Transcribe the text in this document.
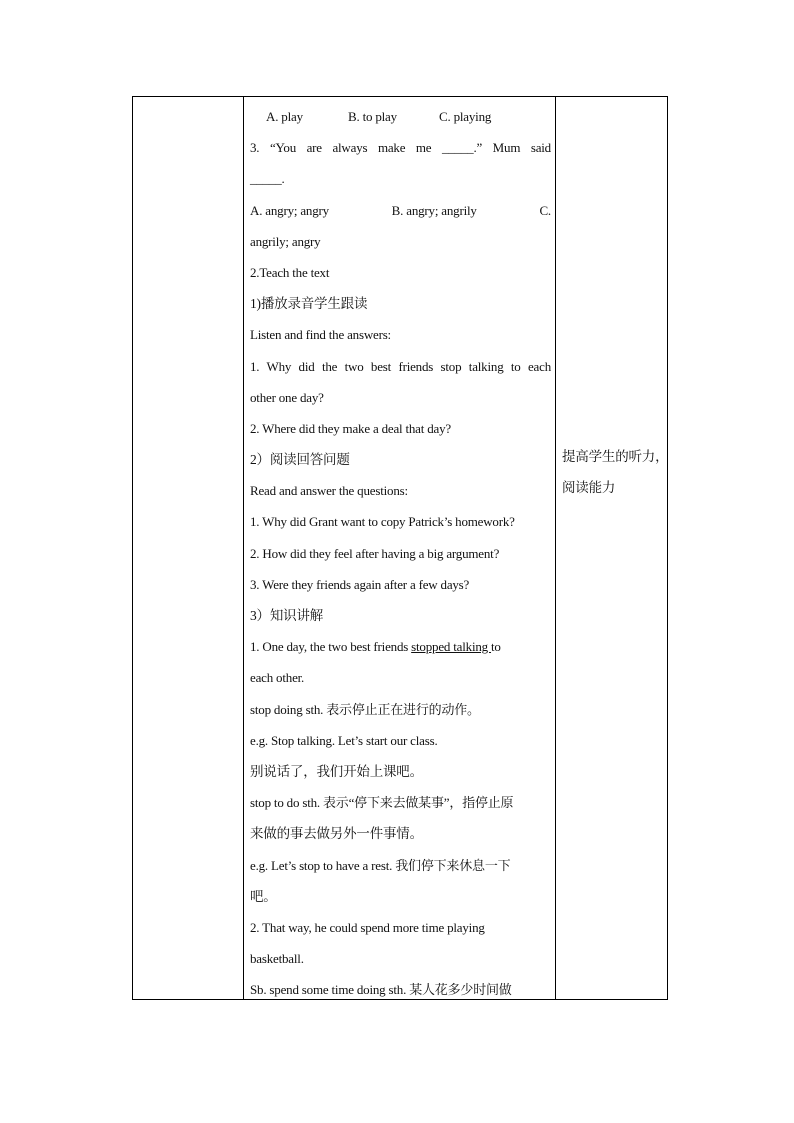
A. play	B. to play	C. playing
3. “You are always make me _____.” Mum said
_____.
A. angry; angry	B. angry; angrily	C.
angrily; angry
2.Teach the text
1)播放录音学生跟读
Listen and find the answers:
1. Why did the two best friends stop talking to each
other one day?
2. Where did they make a deal that day?
2）阅读回答问题
Read and answer the questions:
1. Why did Grant want to copy Patrick’s homework?
2. How did they feel after having a big argument?
3. Were they friends again after a few days?
3）知识讲解
1. One day, the two best friends stopped talking to
each other.
stop doing sth. 表示停止正在进行的动作。
e.g. Stop talking. Let’s start our class.
别说话了，我们开始上课吧。
stop to do sth. 表示“停下来去做某事”，指停止原
来做的事去做另外一件事情。
e.g. Let’s stop to have a rest. 我们停下来休息一下
吧。
2. That way, he could spend more time playing
basketball.
Sb. spend some time doing sth. 某人花多少时间做
提高学生的听力，
阅读能力
